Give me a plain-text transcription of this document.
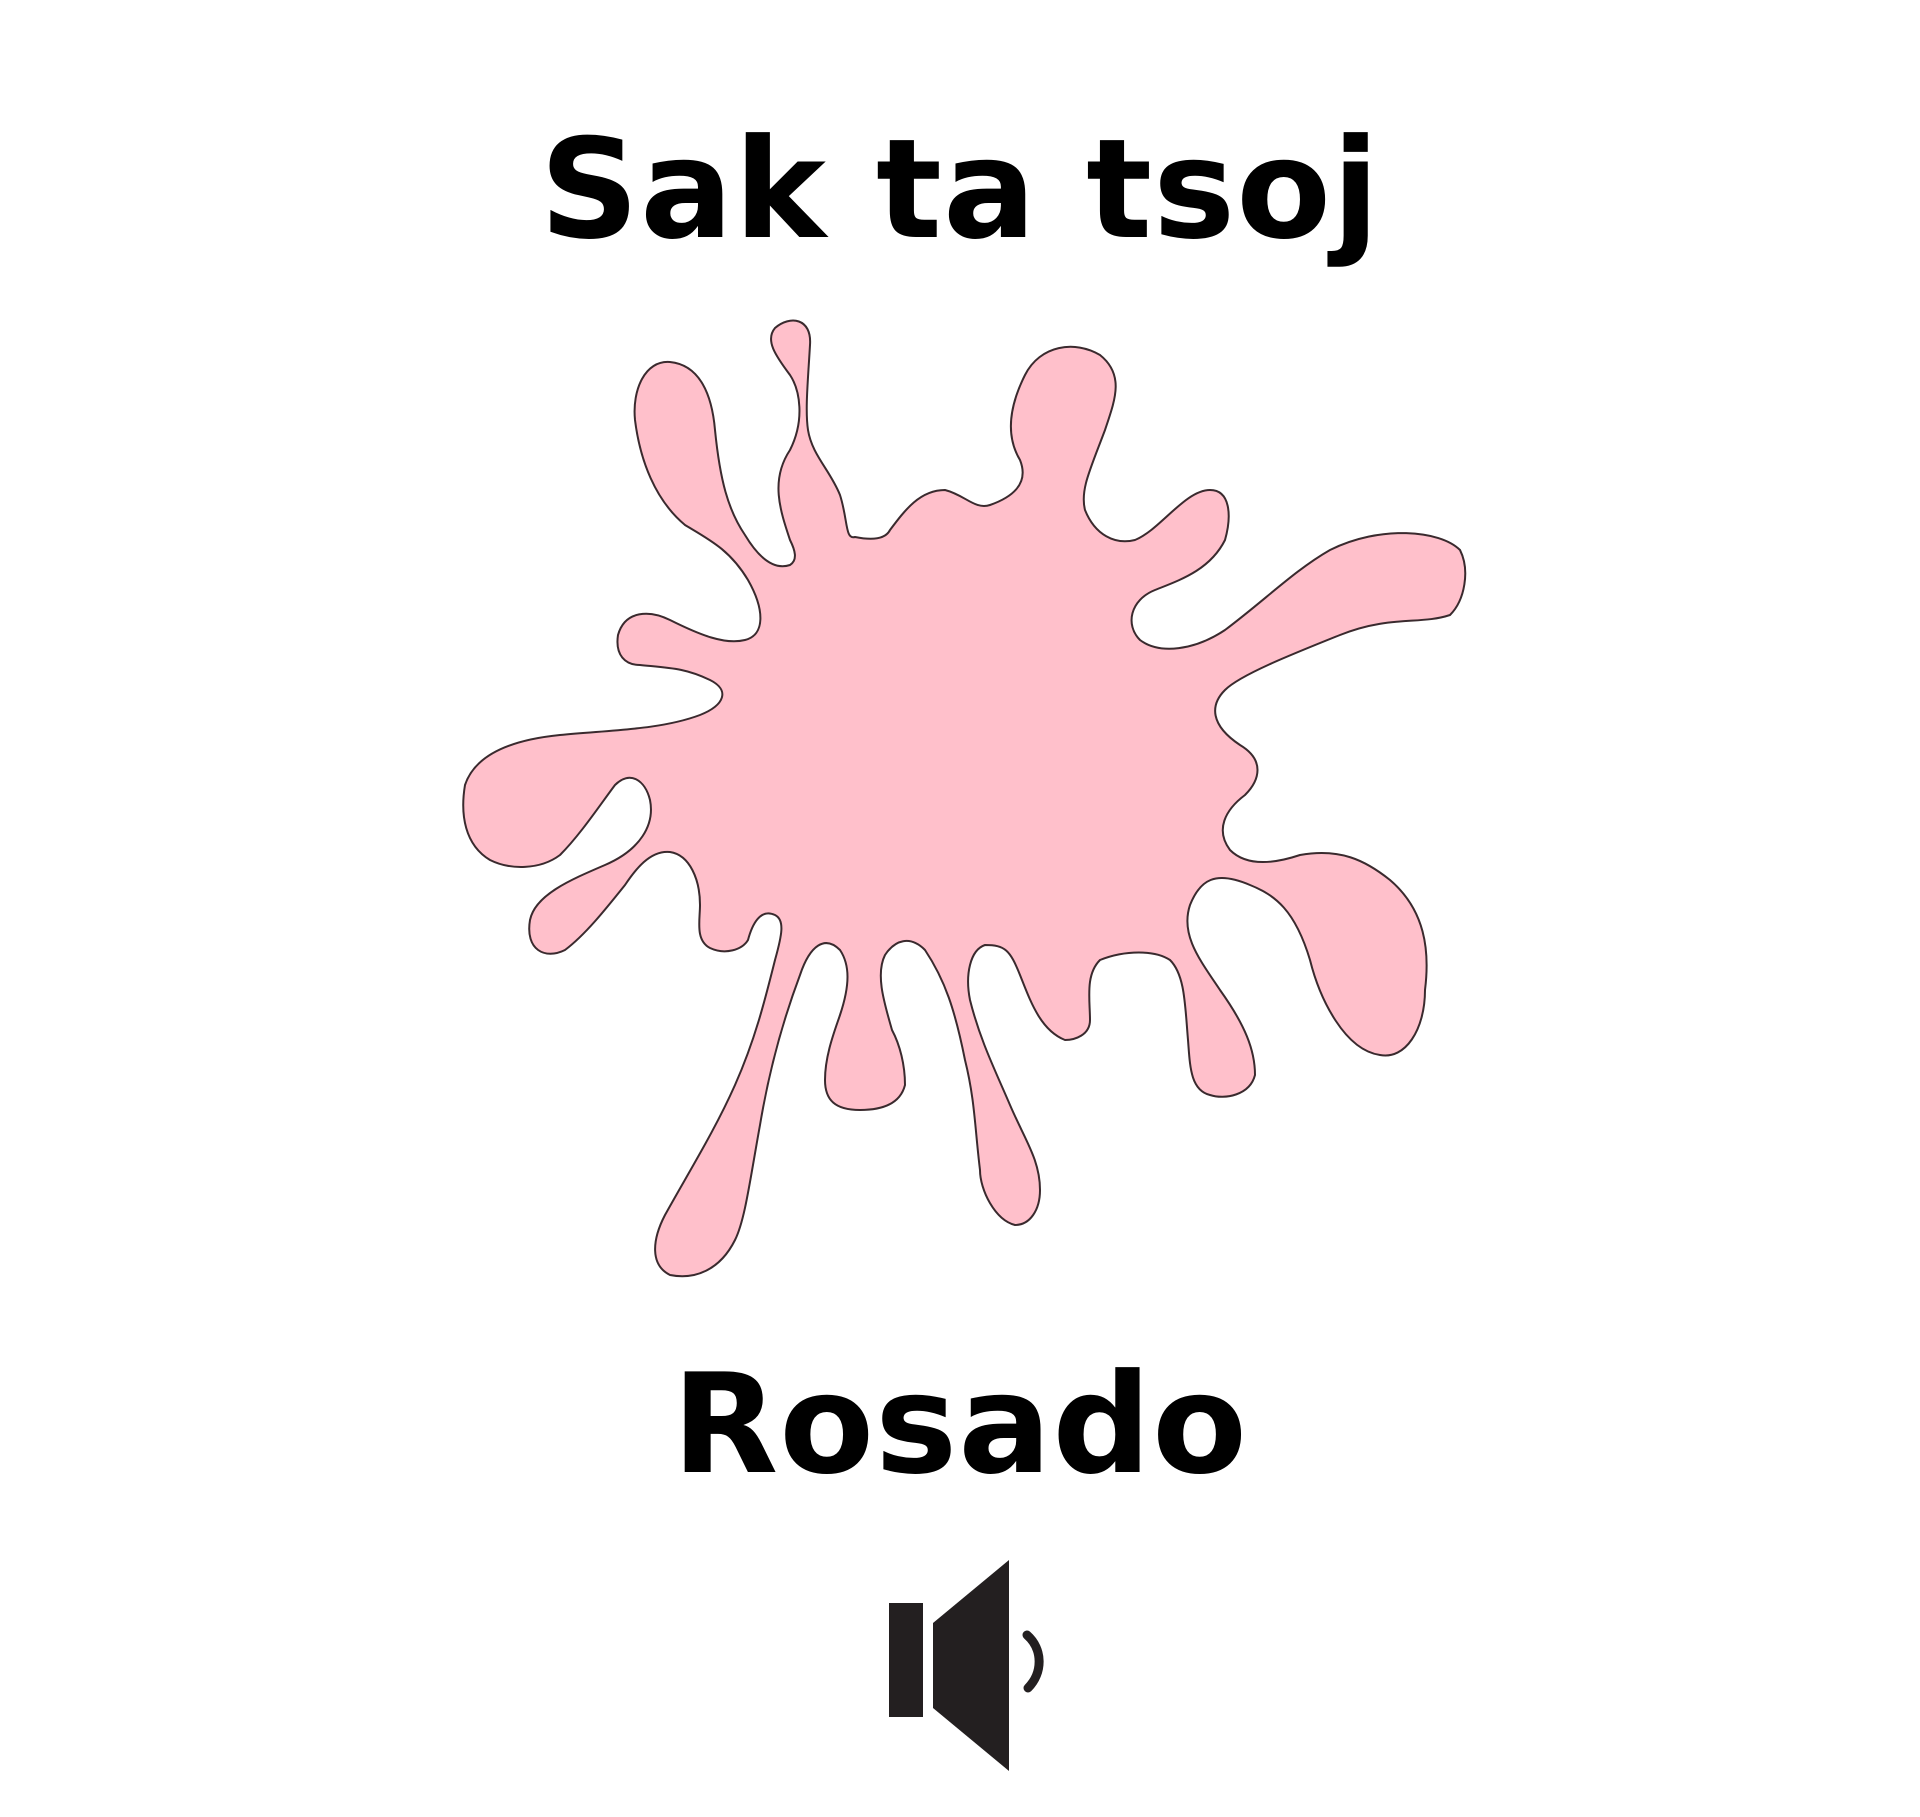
Sak ta tsoj
Rosado
